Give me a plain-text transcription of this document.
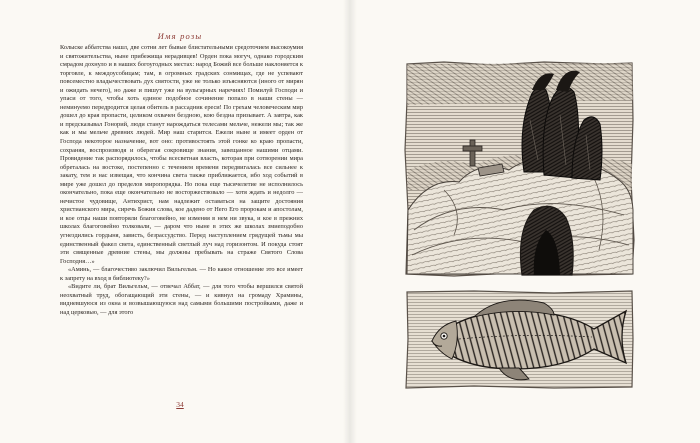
Имя розы

Колыске аббатства нашл, две сотни лет бывые блистательными средоточием высокоумия и святожительства, ныне прибежища нерадивцев! Орден пока могуч, однако городским смрадом дохнуло и в наших богоугодных местах: народ Божий все больше наклоняется к торговле, к междоусобицам; там, в огромных градских сонмищах, где не успевают повсеместно владычествовать дух святости, уже не только изъясняются (иного от мирян и ожидать нечего), но даже и пишут уже на вульгарных наречиях! Помилуй Господи и упаси от того, чтобы хоть единое подобное сочинение попало в наши стены — неминуемо передродится целая обитель в рассадник ереси! По грехам человеческим мир дошел до края пропасти, целиком охвачен бездною, кою бездна призывает. А завтра, как и предсказывал Гонорий, люди станут нарождаться телесами мельче, нежели мы; так же как и мы мельче древних людей. Мир наш старится. Ежели ныне и имеет орден от Господа некоторое назначение, вот оно: противостоять этой гонке ко краю пропасти, сохраняя, воспроизводя и оберегая сокровище знания, завещанное нашими отцами. Провидение так распорядилось, чтобы всесветная власть, которая при сотворении мира обреталась на востоке, постепенно с течением времени передвигалась все сильнее к закату, тем и нас извещая, что кончина света также приближается, ибо ход событий в мире уже дошел до пределов миропорядка. Но пока еще тысячелетие не исполнилось окончательно, пока еще окончательно не восторжествовало — хотя ждать и недолго — нечистое чудовище, Антихрист, нам надлежит оставаться на защите достояния христианского мира, сиречь Божия слова, кое дадено от Него Его пророкам и апостолам, и кое отцы наши повторяли благоговейно, не изменяя в нем ни звука, и кое в прежних школах благоговейно толковали, — даром что ныне в этих же школах змиеподобно угнездились гордыня, зависть, безрассудство. Перед наступлением грядущей тьмы мы единственный факел света, единственный светлый луч над горизонтом. И покуда стоят эти священные древние стены, мы должны пребывать на страже Святого Слова Господня…»

«Аминь, — благочестиво заключил Вильгельм. — Но какое отношение это все имеет к запрету на вход в библиотеку?»

«Видите ли, брат Вильгельм, — отвечал Аббат, — для того чтобы вершился святой неохватный труд, обогащающий эти стены, — и кивнул на громаду Храмины, видневшуюся из окна и возвышающуюся над самыми большими постройками, даже и над церковью, — для этого

34
